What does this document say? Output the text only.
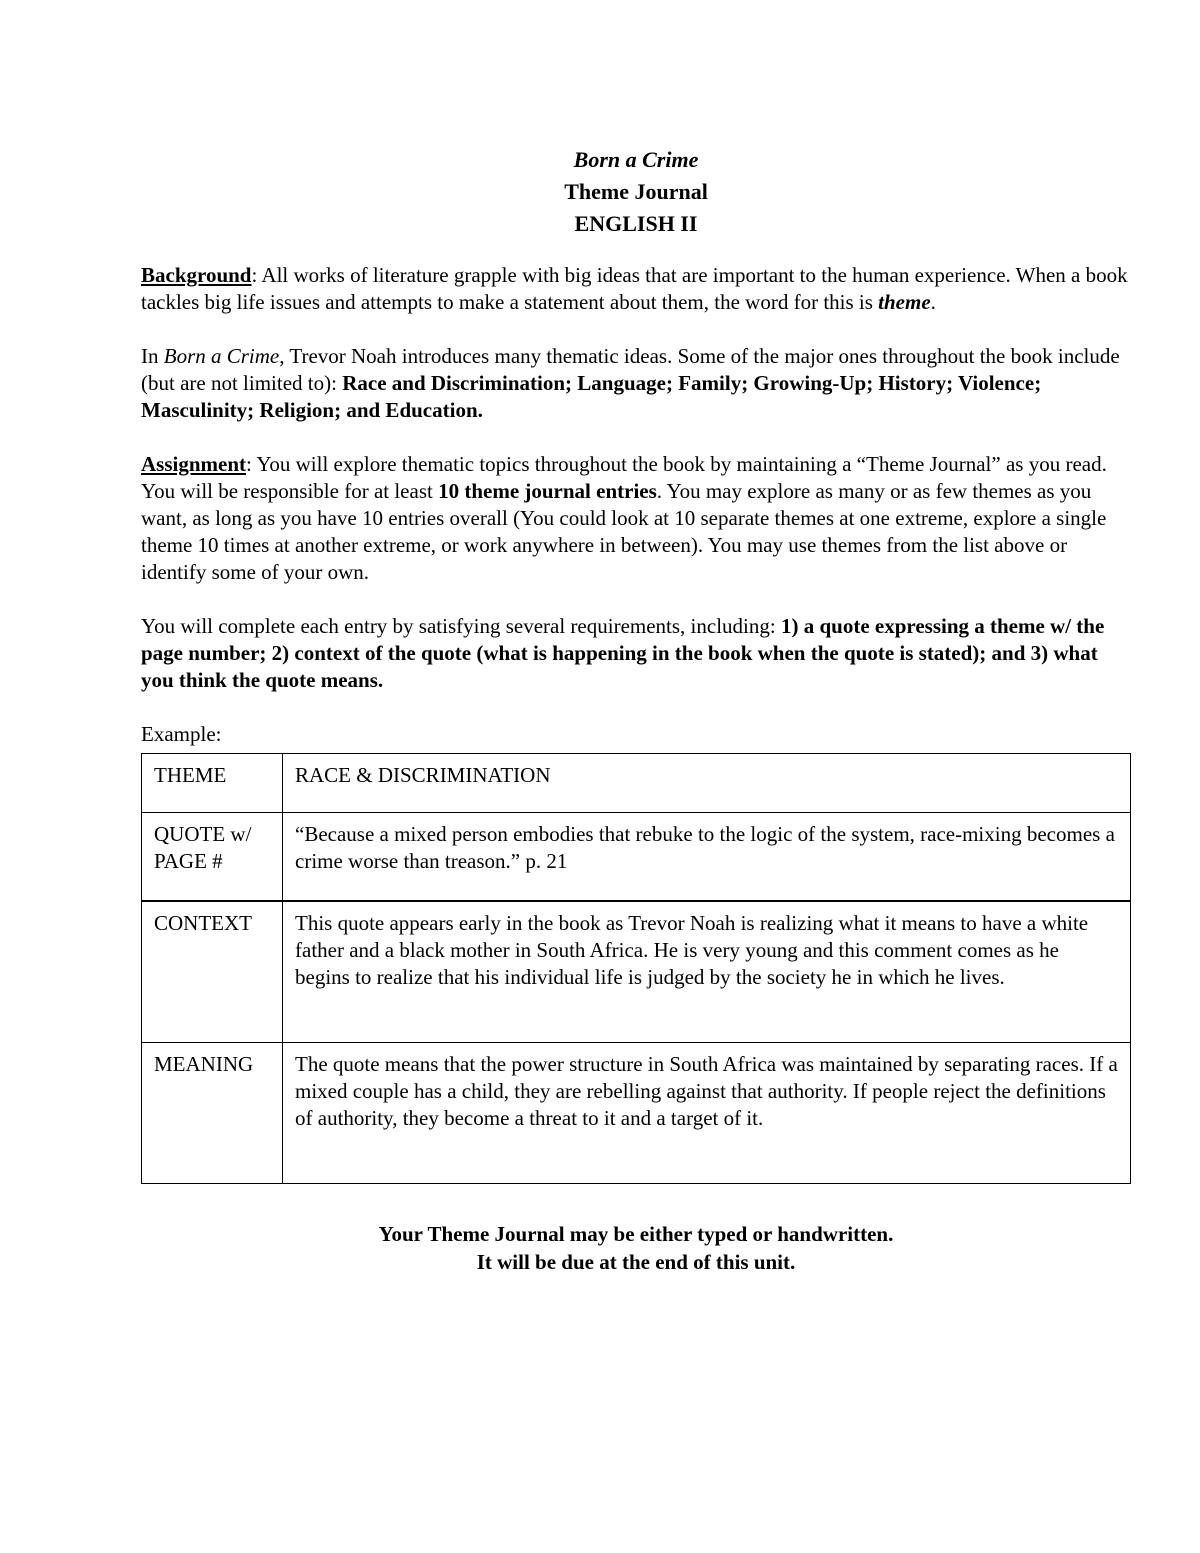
Born a Crime
Theme Journal
ENGLISH II

Background: All works of literature grapple with big ideas that are important to the human experience. When a book tackles big life issues and attempts to make a statement about them, the word for this is theme.

In Born a Crime, Trevor Noah introduces many thematic ideas. Some of the major ones throughout the book include (but are not limited to): Race and Discrimination; Language; Family; Growing-Up; History; Violence; Masculinity; Religion; and Education.

Assignment: You will explore thematic topics throughout the book by maintaining a “Theme Journal” as you read. You will be responsible for at least 10 theme journal entries. You may explore as many or as few themes as you want, as long as you have 10 entries overall (You could look at 10 separate themes at one extreme, explore a single theme 10 times at another extreme, or work anywhere in between). You may use themes from the list above or identify some of your own.

You will complete each entry by satisfying several requirements, including: 1) a quote expressing a theme w/ the page number; 2) context of the quote (what is happening in the book when the quote is stated); and 3) what you think the quote means.

Example:

THEME	RACE & DISCRIMINATION
QUOTE w/ PAGE #	“Because a mixed person embodies that rebuke to the logic of the system, race-mixing becomes a crime worse than treason.” p. 21
CONTEXT	This quote appears early in the book as Trevor Noah is realizing what it means to have a white father and a black mother in South Africa. He is very young and this comment comes as he begins to realize that his individual life is judged by the society he in which he lives.
MEANING	The quote means that the power structure in South Africa was maintained by separating races. If a mixed couple has a child, they are rebelling against that authority. If people reject the definitions of authority, they become a threat to it and a target of it.
Your Theme Journal may be either typed or handwritten.
It will be due at the end of this unit.
